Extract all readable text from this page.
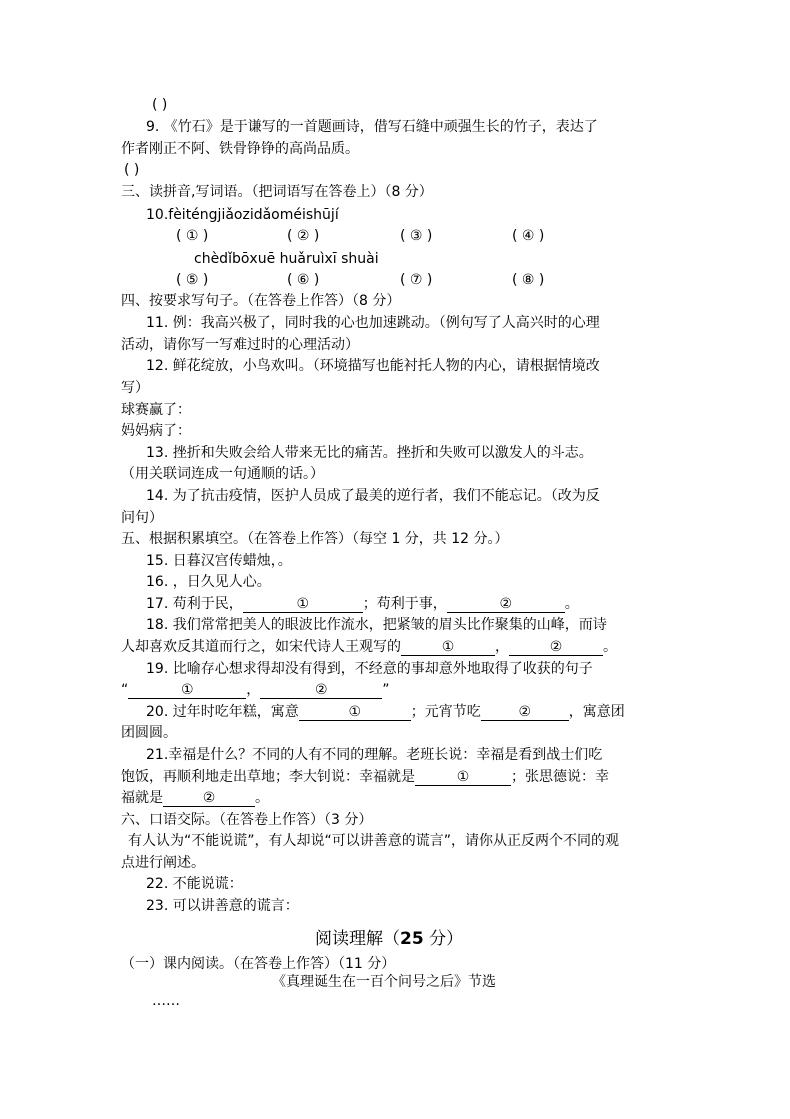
( )
9. 《竹石》是于谦写的一首题画诗，借写石缝中顽强生长的竹子，表达了
作者刚正不阿、铁骨铮铮的高尚品质。
( )
三、读拼音,写词语。（把词语写在答卷上）（8 分）
10.fèiténgjiǎozidǎoméishūjí
( ① )	( ② )	( ③ )	( ④ )
chèdǐbōxuē huǎruìxī shuài
( ⑤ )	( ⑥ )	( ⑦ )	( ⑧ )
四、按要求写句子。（在答卷上作答）（8 分）
11. 例：我高兴极了，同时我的心也加速跳动。（例句写了人高兴时的心理
活动，请你写一写难过时的心理活动）
12. 鲜花绽放，小鸟欢叫。（环境描写也能衬托人物的内心，请根据情境改
写）
球赛赢了：
妈妈病了：
13. 挫折和失败会给人带来无比的痛苦。挫折和失败可以激发人的斗志。
（用关联词连成一句通顺的话。）
14. 为了抗击疫情，医护人员成了最美的逆行者，我们不能忘记。（改为反
问句）
五、根据积累填空。（在答卷上作答）（每空 1 分，共 12 分。）
15. 日暮汉宫传蜡烛，。
16. ，日久见人心。
17. 苟利于民，	①	；苟利于事，	②	。
18. 我们常常把美人的眼波比作流水，把紧皱的眉头比作聚集的山峰，而诗
人却喜欢反其道而行之，如宋代诗人王观写的	①	，	②	。
19. 比喻存心想求得却没有得到，不经意的事却意外地取得了收获的句子
“	①	，	②	”
20. 过年时吃年糕，寓意	①	；元宵节吃	②	，寓意团
团圆圆。
21.幸福是什么？不同的人有不同的理解。老班长说：幸福是看到战士们吃
饱饭，再顺利地走出草地；李大钊说：幸福就是	①	；张思德说：幸
福就是	②	。
六、口语交际。（在答卷上作答）（3 分）
有人认为“不能说谎”，有人却说“可以讲善意的谎言”，请你从正反两个不同的观
点进行阐述。
22. 不能说谎：
23. 可以讲善意的谎言：
阅读理解（25 分）
（一）课内阅读。（在答卷上作答）（11 分）
《真理诞生在一百个问号之后》节选
……
